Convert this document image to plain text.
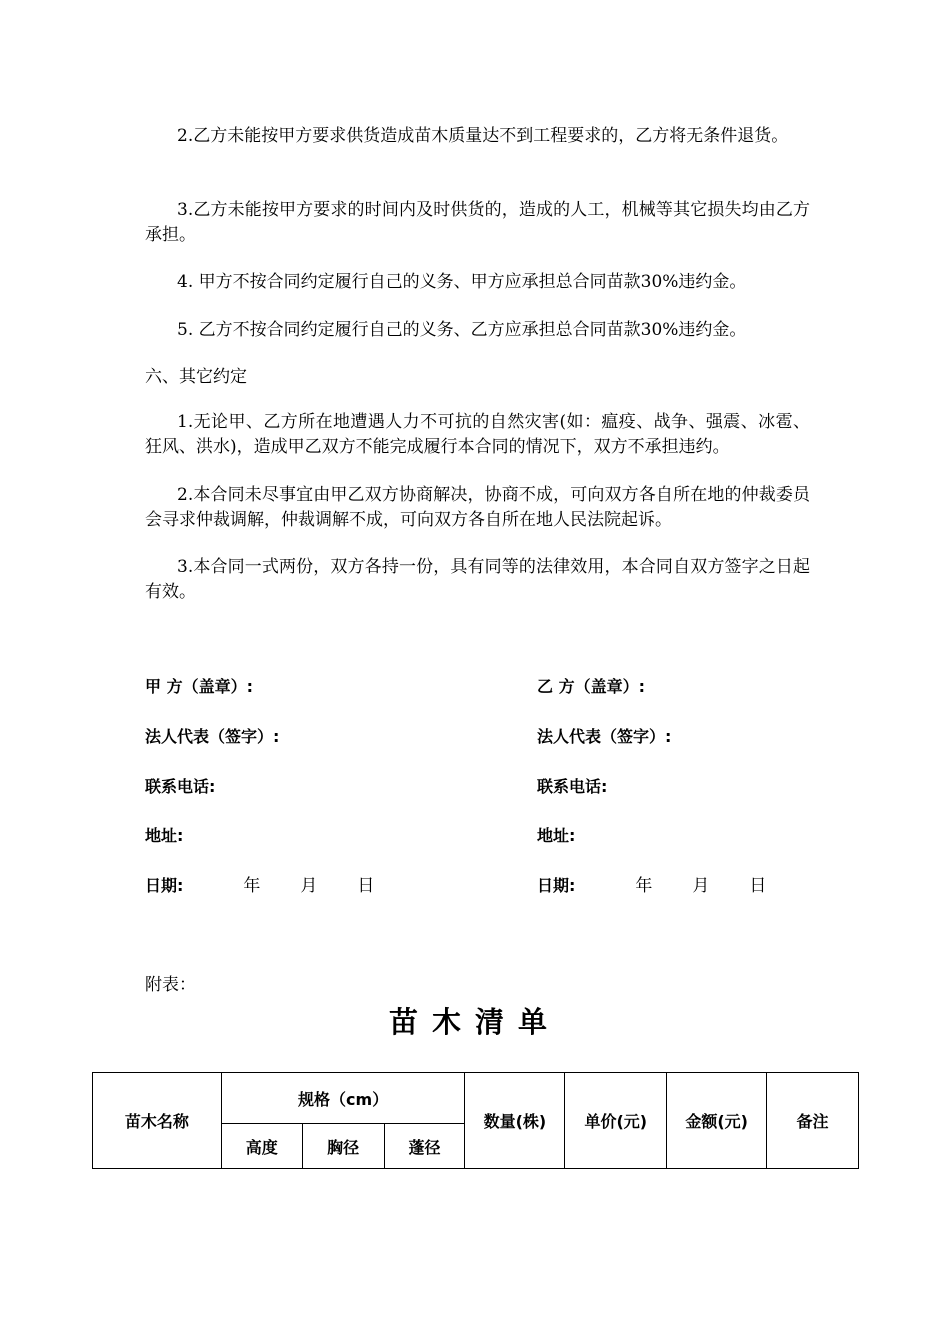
2.乙方未能按甲方要求供货造成苗木质量达不到工程要求的，乙方将无条件退货。

3.乙方未能按甲方要求的时间内及时供货的，造成的人工，机械等其它损失均由乙方承担。

4. 甲方不按合同约定履行自己的义务、甲方应承担总合同苗款30%违约金。

5. 乙方不按合同约定履行自己的义务、乙方应承担总合同苗款30%违约金。

六、其它约定

1.无论甲、乙方所在地遭遇人力不可抗的自然灾害(如：瘟疫、战争、强震、冰雹、狂风、洪水)，造成甲乙双方不能完成履行本合同的情况下，双方不承担违约。

2.本合同未尽事宜由甲乙双方协商解决，协商不成，可向双方各自所在地的仲裁委员会寻求仲裁调解，仲裁调解不成，可向双方各自所在地人民法院起诉。

3.本合同一式两份，双方各持一份，具有同等的法律效用，本合同自双方签字之日起有效。

甲 方（盖章）:
法人代表（签字）:
联系电话:
地址:
日期:	年 月 日
乙 方（盖章）:
法人代表（签字）:
联系电话:
地址:
日期:	年 月 日
附表：
苗木清单
苗木名称	规格（cm）			数量(株)	单价(元)	金额(元)	备注
	高度	胸径	蓬径				
